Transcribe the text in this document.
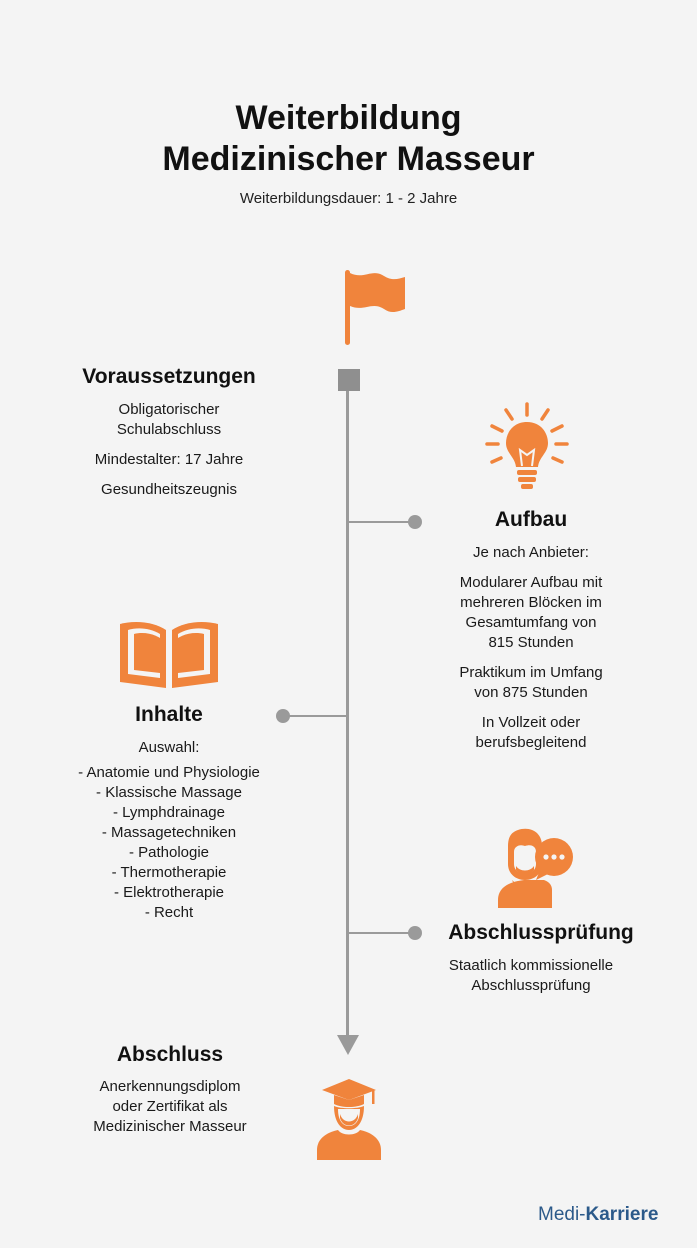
Weiterbildung
Medizinischer Masseur
Weiterbildungsdauer: 1 - 2 Jahre
Voraussetzungen
Obligatorischer
Schulabschluss
Mindestalter: 17 Jahre
Gesundheitszeugnis
Aufbau
Je nach Anbieter:
Modularer Aufbau mit
mehreren Blöcken im
Gesamtumfang von
815 Stunden
Praktikum im Umfang
von 875 Stunden
In Vollzeit oder
berufsbegleitend
Inhalte
Auswahl:
- Anatomie und Physiologie
- Klassische Massage
- Lymphdrainage
- Massagetechniken
- Pathologie
- Thermotherapie
- Elektrotherapie
- Recht
Abschlussprüfung
Staatlich kommissionelle
Abschlussprüfung
Abschluss
Anerkennungsdiplom
oder Zertifikat als
Medizinischer Masseur
Medi-Karriere
